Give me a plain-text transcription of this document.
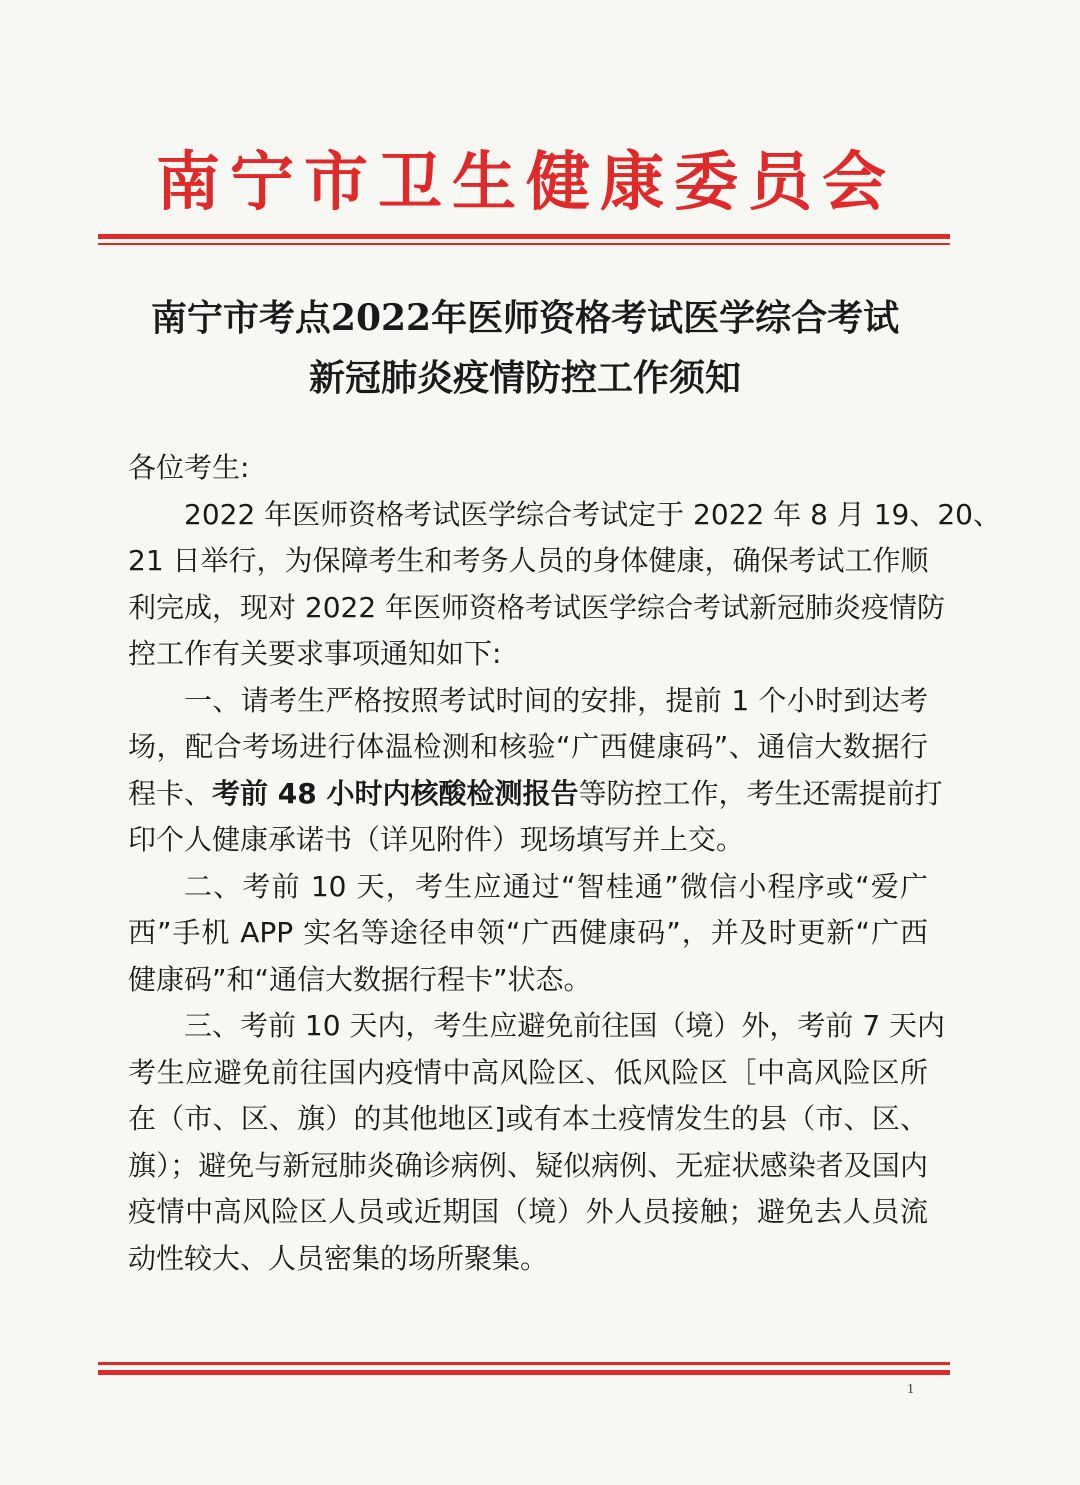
南宁市卫生健康委员会
南宁市考点2022年医师资格考试医学综合考试
新冠肺炎疫情防控工作须知
各位考生:
2022 年医师资格考试医学综合考试定于 2022 年 8 月 19、20、
21 日举行，为保障考生和考务人员的身体健康，确保考试工作顺
利完成，现对 2022 年医师资格考试医学综合考试新冠肺炎疫情防
控工作有关要求事项通知如下:
一、请考生严格按照考试时间的安排，提前 1 个小时到达考
场，配合考场进行体温检测和核验“广西健康码”、通信大数据行
程卡、考前 48 小时内核酸检测报告等防控工作，考生还需提前打
印个人健康承诺书（详见附件）现场填写并上交。
二、考前 10 天，考生应通过“智桂通”微信小程序或“爱广
西”手机 APP 实名等途径申领“广西健康码”，并及时更新“广西
健康码”和“通信大数据行程卡”状态。
三、考前 10 天内，考生应避免前往国（境）外，考前 7 天内
考生应避免前往国内疫情中高风险区、低风险区［中高风险区所
在（市、区、旗）的其他地区]或有本土疫情发生的县（市、区、
旗）；避免与新冠肺炎确诊病例、疑似病例、无症状感染者及国内
疫情中高风险区人员或近期国（境）外人员接触；避免去人员流
动性较大、人员密集的场所聚集。
1
